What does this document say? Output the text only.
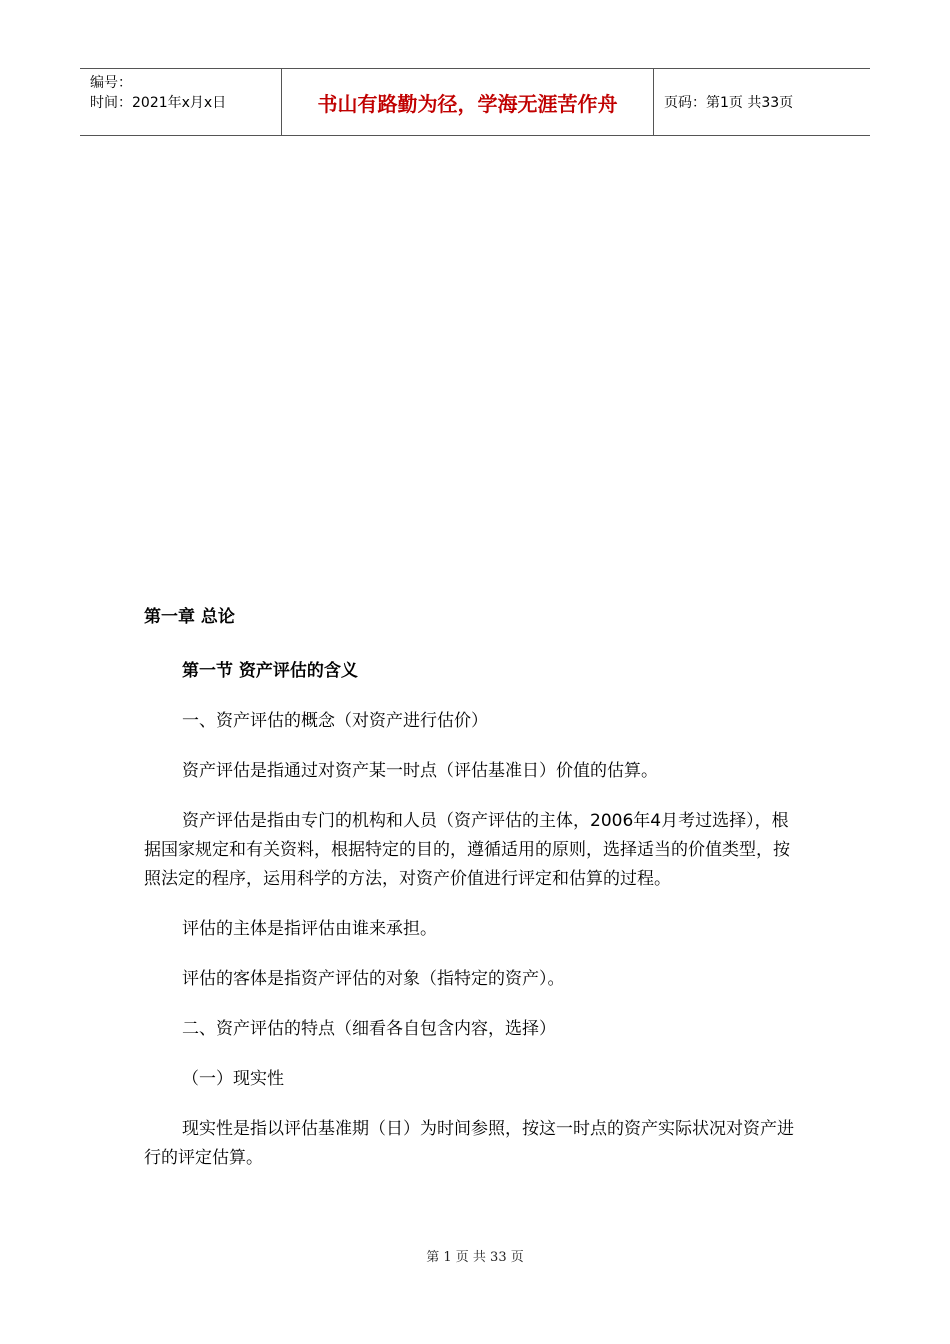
编号：
时间：2021年x月x日	书山有路勤为径，学海无涯苦作舟	页码：第1页 共33页
第一章 总论
第一节 资产评估的含义

一、资产评估的概念（对资产进行估价）

资产评估是指通过对资产某一时点（评估基准日）价值的估算。

资产评估是指由专门的机构和人员（资产评估的主体，2006年4月考过选择），根据国家规定和有关资料，根据特定的目的，遵循适用的原则，选择适当的价值类型，按照法定的程序，运用科学的方法，对资产价值进行评定和估算的过程。

评估的主体是指评估由谁来承担。

评估的客体是指资产评估的对象（指特定的资产）。

二、资产评估的特点（细看各自包含内容，选择）

（一）现实性

现实性是指以评估基准期（日）为时间参照，按这一时点的资产实际状况对资产进行的评定估算。

第 1 页 共 33 页
